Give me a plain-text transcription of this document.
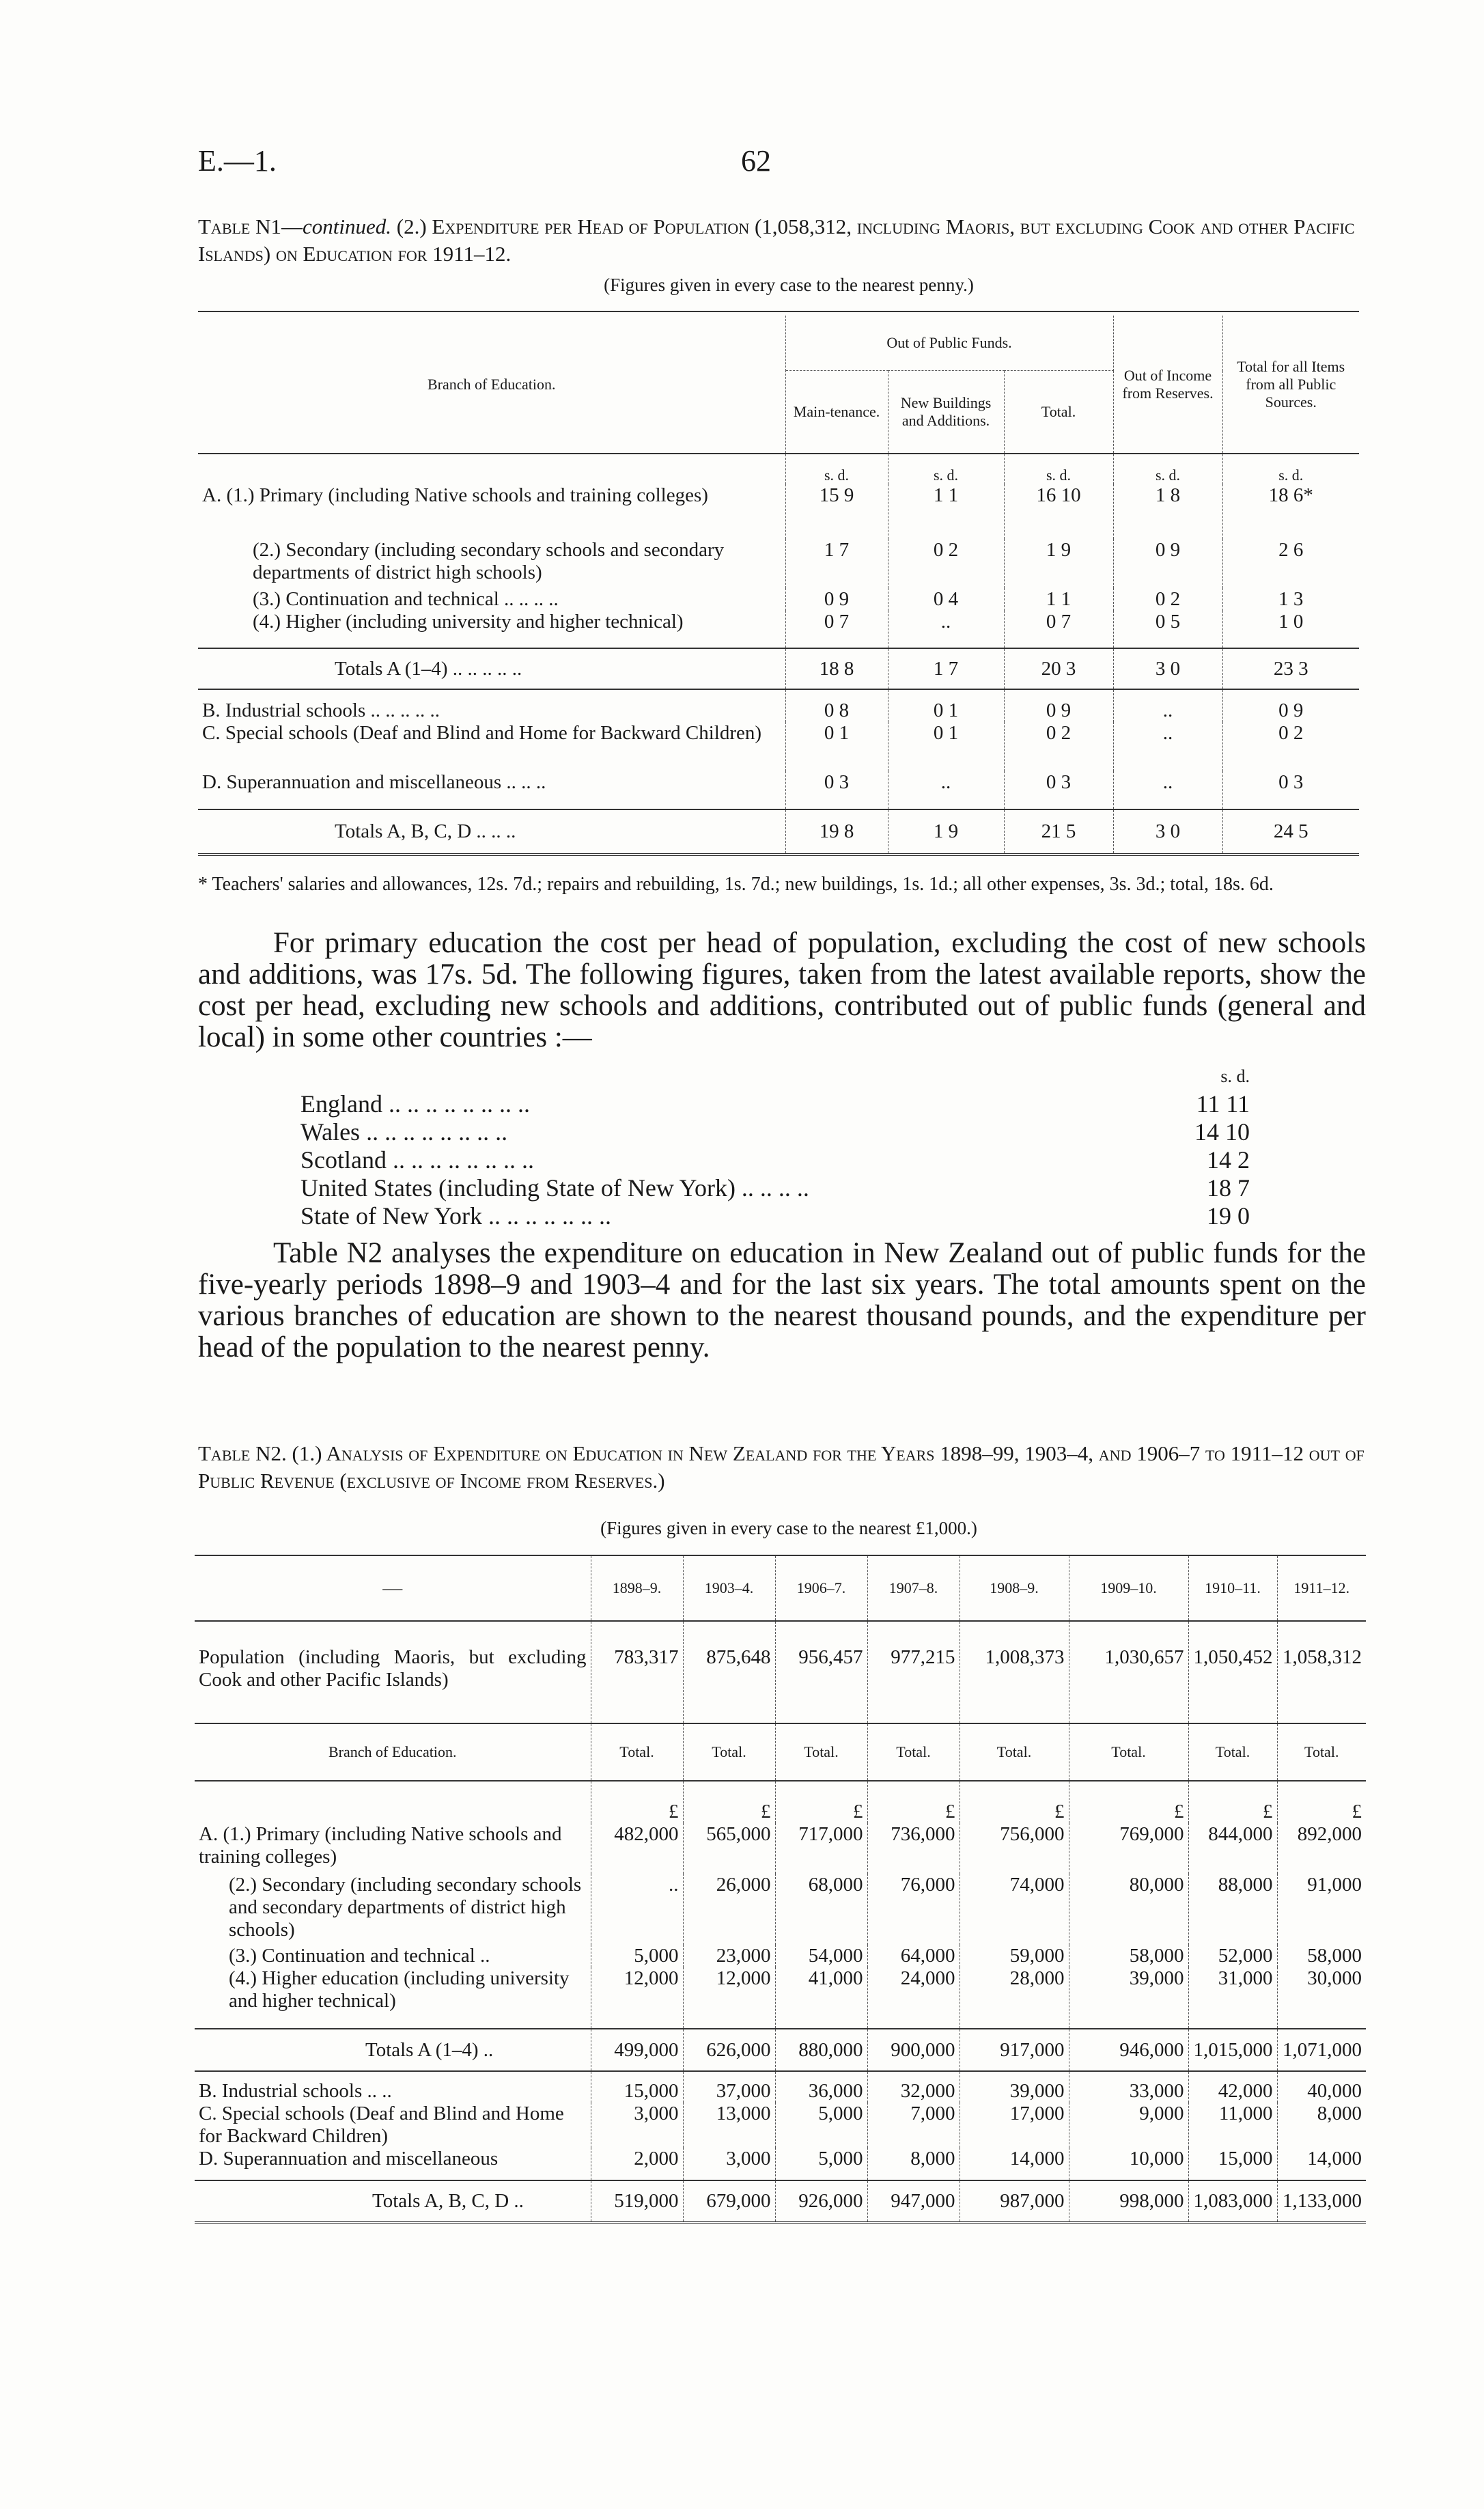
E.—1.	62
Table N1—continued. (2.) Expenditure per Head of Population (1,058,312, including Maoris, but excluding Cook and other Pacific Islands) on Education for 1911–12.
(Figures given in every case to the nearest penny.)
Branch of Education.	Out of Public Funds.			Out of Income from Reserves.	Total for all Items from all Public Sources.
	Main-tenance.	New Buildings and Additions.	Total.		
	s. d.	s. d.	s. d.	s. d.	s. d.
A. (1.) Primary (including Native schools and training colleges)	15 9	1 1	16 10	1 8	18 6*
(2.) Secondary (including secondary schools and secondary departments of district high schools)	1 7	0 2	1 9	0 9	2 6
(3.) Continuation and technical .. .. .. ..	0 9	0 4	1 1	0 2	1 3
(4.) Higher (including university and higher technical)	0 7	..	0 7	0 5	1 0
Totals A (1–4) .. .. .. .. ..	18 8	1 7	20 3	3 0	23 3
B. Industrial schools .. .. .. .. ..	0 8	0 1	0 9	..	0 9
C. Special schools (Deaf and Blind and Home for Backward Children)	0 1	0 1	0 2	..	0 2
D. Superannuation and miscellaneous .. .. ..	0 3	..	0 3	..	0 3
Totals A, B, C, D .. .. ..	19 8	1 9	21 5	3 0	24 5
* Teachers' salaries and allowances, 12s. 7d.; repairs and rebuilding, 1s. 7d.; new buildings, 1s. 1d.; all other expenses, 3s. 3d.; total, 18s. 6d.
For primary education the cost per head of population, excluding the cost of new schools and additions, was 17s. 5d. The following figures, taken from the latest available reports, show the cost per head, excluding new schools and additions, contributed out of public funds (general and local) in some other countries :—
s. d.
England .. .. .. .. .. .. .. ..	11 11
Wales .. .. .. .. .. .. .. ..	14 10
Scotland .. .. .. .. .. .. .. ..	14 2
United States (including State of New York) .. .. .. ..	18 7
State of New York .. .. .. .. .. .. ..	19 0
Table N2 analyses the expenditure on education in New Zealand out of public funds for the five-yearly periods 1898–9 and 1903–4 and for the last six years. The total amounts spent on the various branches of education are shown to the nearest thousand pounds, and the expenditure per head of the population to the nearest penny.
Table N2. (1.) Analysis of Expenditure on Education in New Zealand for the Years 1898–99, 1903–4, and 1906–7 to 1911–12 out of Public Revenue (exclusive of Income from Reserves.)
(Figures given in every case to the nearest £1,000.)
—	1898–9.	1903–4.	1906–7.	1907–8.	1908–9.	1909–10.	1910–11.	1911–12.
Population (including Maoris, but excluding Cook and other Pacific Islands)	783,317	875,648	956,457	977,215	1,008,373	1,030,657	1,050,452	1,058,312
Branch of Education.	Total.	Total.	Total.	Total.	Total.	Total.	Total.	Total.
	£	£	£	£	£	£	£	£
A. (1.) Primary (including Native schools and training colleges)	482,000	565,000	717,000	736,000	756,000	769,000	844,000	892,000
(2.) Secondary (including secondary schools and secondary departments of district high schools)	..	26,000	68,000	76,000	74,000	80,000	88,000	91,000
(3.) Continuation and technical ..	5,000	23,000	54,000	64,000	59,000	58,000	52,000	58,000
(4.) Higher education (including university and higher technical)	12,000	12,000	41,000	24,000	28,000	39,000	31,000	30,000
Totals A (1–4) ..	499,000	626,000	880,000	900,000	917,000	946,000	1,015,000	1,071,000
B. Industrial schools .. ..	15,000	37,000	36,000	32,000	39,000	33,000	42,000	40,000
C. Special schools (Deaf and Blind and Home for Backward Children)	3,000	13,000	5,000	7,000	17,000	9,000	11,000	8,000
D. Superannuation and miscellaneous	2,000	3,000	5,000	8,000	14,000	10,000	15,000	14,000
Totals A, B, C, D ..	519,000	679,000	926,000	947,000	987,000	998,000	1,083,000	1,133,000
